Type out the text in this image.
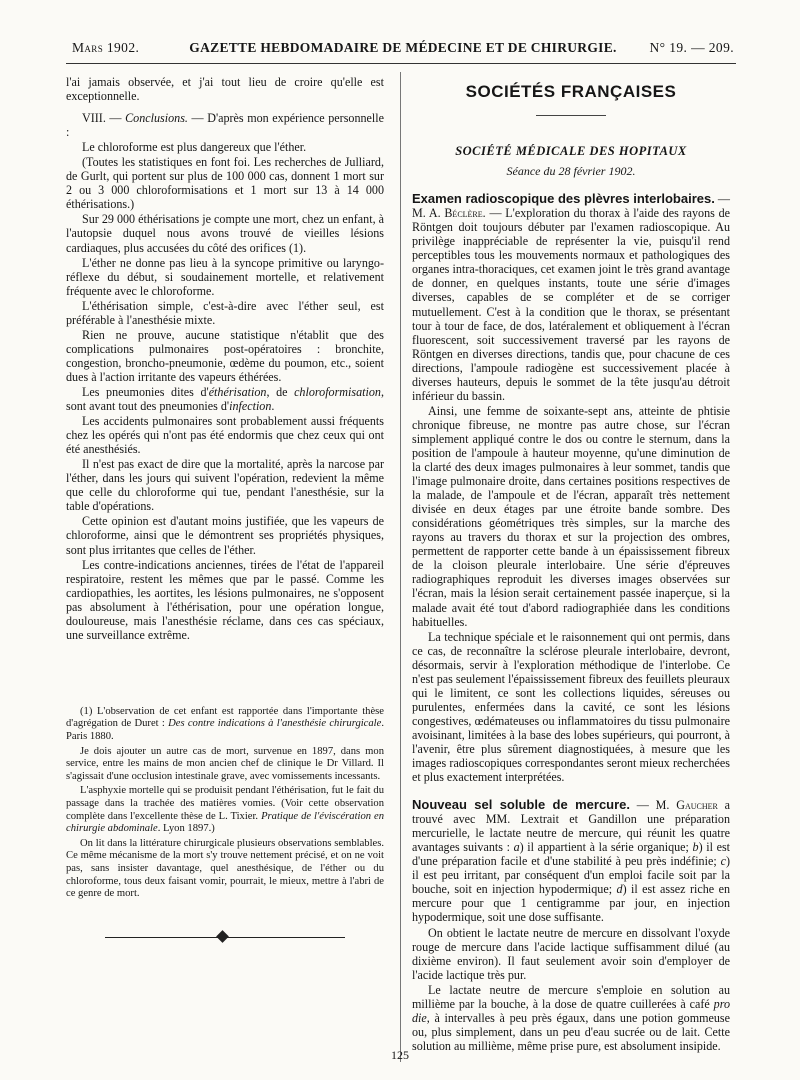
Mars 1902.	GAZETTE HEBDOMADAIRE DE MÉDECINE ET DE CHIRURGIE.	N° 19. — 209.

l'ai jamais observée, et j'ai tout lieu de croire qu'elle est exceptionnelle.

VIII. — Conclusions. — D'après mon expérience personnelle :

Le chloroforme est plus dangereux que l'éther.

(Toutes les statistiques en font foi. Les recherches de Julliard, de Gurlt, qui portent sur plus de 100 000 cas, donnent 1 mort sur 2 ou 3 000 chloroformisations et 1 mort sur 13 à 14 000 éthérisations.)

Sur 29 000 éthérisations je compte une mort, chez un enfant, à l'autopsie duquel nous avons trouvé de vieilles lésions cardiaques, plus accusées du côté des orifices (1).

L'éther ne donne pas lieu à la syncope primitive ou laryngo-réflexe du début, si soudainement mortelle, et relativement fréquente avec le chloroforme.

L'éthérisation simple, c'est-à-dire avec l'éther seul, est préférable à l'anesthésie mixte.

Rien ne prouve, aucune statistique n'établit que des complications pulmonaires post-opératoires : bronchite, congestion, broncho-pneumonie, œdème du poumon, etc., soient dues à l'action irritante des vapeurs éthérées.

Les pneumonies dites d'éthérisation, de chloroformisation, sont avant tout des pneumonies d'infection.

Les accidents pulmonaires sont probablement aussi fréquents chez les opérés qui n'ont pas été endormis que chez ceux qui ont été anesthésiés.

Il n'est pas exact de dire que la mortalité, après la narcose par l'éther, dans les jours qui suivent l'opération, redevient la même que celle du chloroforme qui tue, pendant l'anesthésie, sur la table d'opérations.

Cette opinion est d'autant moins justifiée, que les vapeurs de chloroforme, ainsi que le démontrent ses propriétés physiques, sont plus irritantes que celles de l'éther.

Les contre-indications anciennes, tirées de l'état de l'appareil respiratoire, restent les mêmes que par le passé. Comme les cardiopathies, les aortites, les lésions pulmonaires, ne s'opposent pas absolument à l'éthérisation, pour une opération longue, douloureuse, mais l'anesthésie réclame, dans ces cas spéciaux, une surveillance extrême.

(1) L'observation de cet enfant est rapportée dans l'importante thèse d'agrégation de Duret : Des contre indications à l'anesthésie chirurgicale. Paris 1880.

Je dois ajouter un autre cas de mort, survenue en 1897, dans mon service, entre les mains de mon ancien chef de clinique le Dr Villard. Il s'agissait d'une occlusion intestinale grave, avec vomissements incessants.

L'asphyxie mortelle qui se produisit pendant l'éthérisation, fut le fait du passage dans la trachée des matières vomies. (Voir cette observation complète dans l'excellente thèse de L. Tixier. Pratique de l'éviscération en chirurgie abdominale. Lyon 1897.)

On lit dans la littérature chirurgicale plusieurs observations semblables. Ce même mécanisme de la mort s'y trouve nettement précisé, et on ne voit pas, sans insister davantage, quel anesthésique, de l'éther ou du chloroforme, tous deux faisant vomir, pourrait, le mieux, mettre à l'abri de ce genre de mort.

SOCIÉTÉS FRANÇAISES
SOCIÉTÉ MÉDICALE DES HOPITAUX
Séance du 28 février 1902.

Examen radioscopique des plèvres interlobaires. — M. A. Béclère. — L'exploration du thorax à l'aide des rayons de Röntgen doit toujours débuter par l'examen radioscopique. Au privilège inappréciable de représenter la vie, puisqu'il rend perceptibles tous les mouvements normaux et pathologiques des organes intra-thoraciques, cet examen joint le très grand avantage de donner, en quelques instants, toute une série d'images diverses, capables de se compléter et de se corriger mutuellement. C'est à la condition que le thorax, se présentant tour à tour de face, de dos, latéralement et obliquement à l'écran fluorescent, soit successivement traversé par les rayons de Röntgen en diverses directions, tandis que, pour chacune de ces directions, l'ampoule radiogène est successivement placée à diverses hauteurs, depuis le sommet de la tête jusqu'au détroit inférieur du bassin.

Ainsi, une femme de soixante-sept ans, atteinte de phtisie chronique fibreuse, ne montre pas autre chose, sur l'écran simplement appliqué contre le dos ou contre le sternum, dans la position de l'ampoule à hauteur moyenne, qu'une diminution de la clarté des deux images pulmonaires à leur sommet, tandis que l'image pulmonaire droite, dans certaines positions respectives de la malade, de l'ampoule et de l'écran, apparaît très nettement divisée en deux étages par une étroite bande sombre. Des considérations géométriques très simples, sur la marche des rayons au travers du thorax et sur la projection des ombres, permettent de rapporter cette bande à un épaississement fibreux de la cloison pleurale interlobaire. Une série d'épreuves radiographiques reproduit les diverses images observées sur l'écran, mais la lésion serait certainement passée inaperçue, si la malade avait été tout d'abord radiographiée dans les conditions habituelles.

La technique spéciale et le raisonnement qui ont permis, dans ce cas, de reconnaître la sclérose pleurale interlobaire, devront, désormais, servir à l'exploration méthodique de l'interlobe. Ce n'est pas seulement l'épaississement fibreux des feuillets pleuraux qui le limitent, ce sont les collections liquides, séreuses ou purulentes, enfermées dans la cavité, ce sont les lésions congestives, œdémateuses ou inflammatoires du tissu pulmonaire avoisinant, limitées à la base des lobes supérieurs, qui pourront, à l'avenir, être plus sûrement diagnostiquées, à mesure que les images radioscopiques correspondantes seront mieux recherchées et plus exactement interprétées.

Nouveau sel soluble de mercure. — M. Gaucher a trouvé avec MM. Lextrait et Gandillon une préparation mercurielle, le lactate neutre de mercure, qui réunit les quatre avantages suivants : a) il appartient à la série organique; b) il est d'une préparation facile et d'une stabilité à peu près indéfinie; c) il est peu irritant, par conséquent d'un emploi facile soit par la bouche, soit en injection hypodermique; d) il est assez riche en mercure pour que 1 centigramme par jour, en injection hypodermique, soit une dose suffisante.

On obtient le lactate neutre de mercure en dissolvant l'oxyde rouge de mercure dans l'acide lactique suffisamment dilué (au dixième environ). Il faut seulement avoir soin d'employer de l'acide lactique très pur.

Le lactate neutre de mercure s'emploie en solution au millième par la bouche, à la dose de quatre cuillerées à café pro die, à intervalles à peu près égaux, dans une potion gommeuse ou, plus simplement, dans un peu d'eau sucrée ou de lait. Cette solution au millième, même prise pure, est absolument insipide.

125
